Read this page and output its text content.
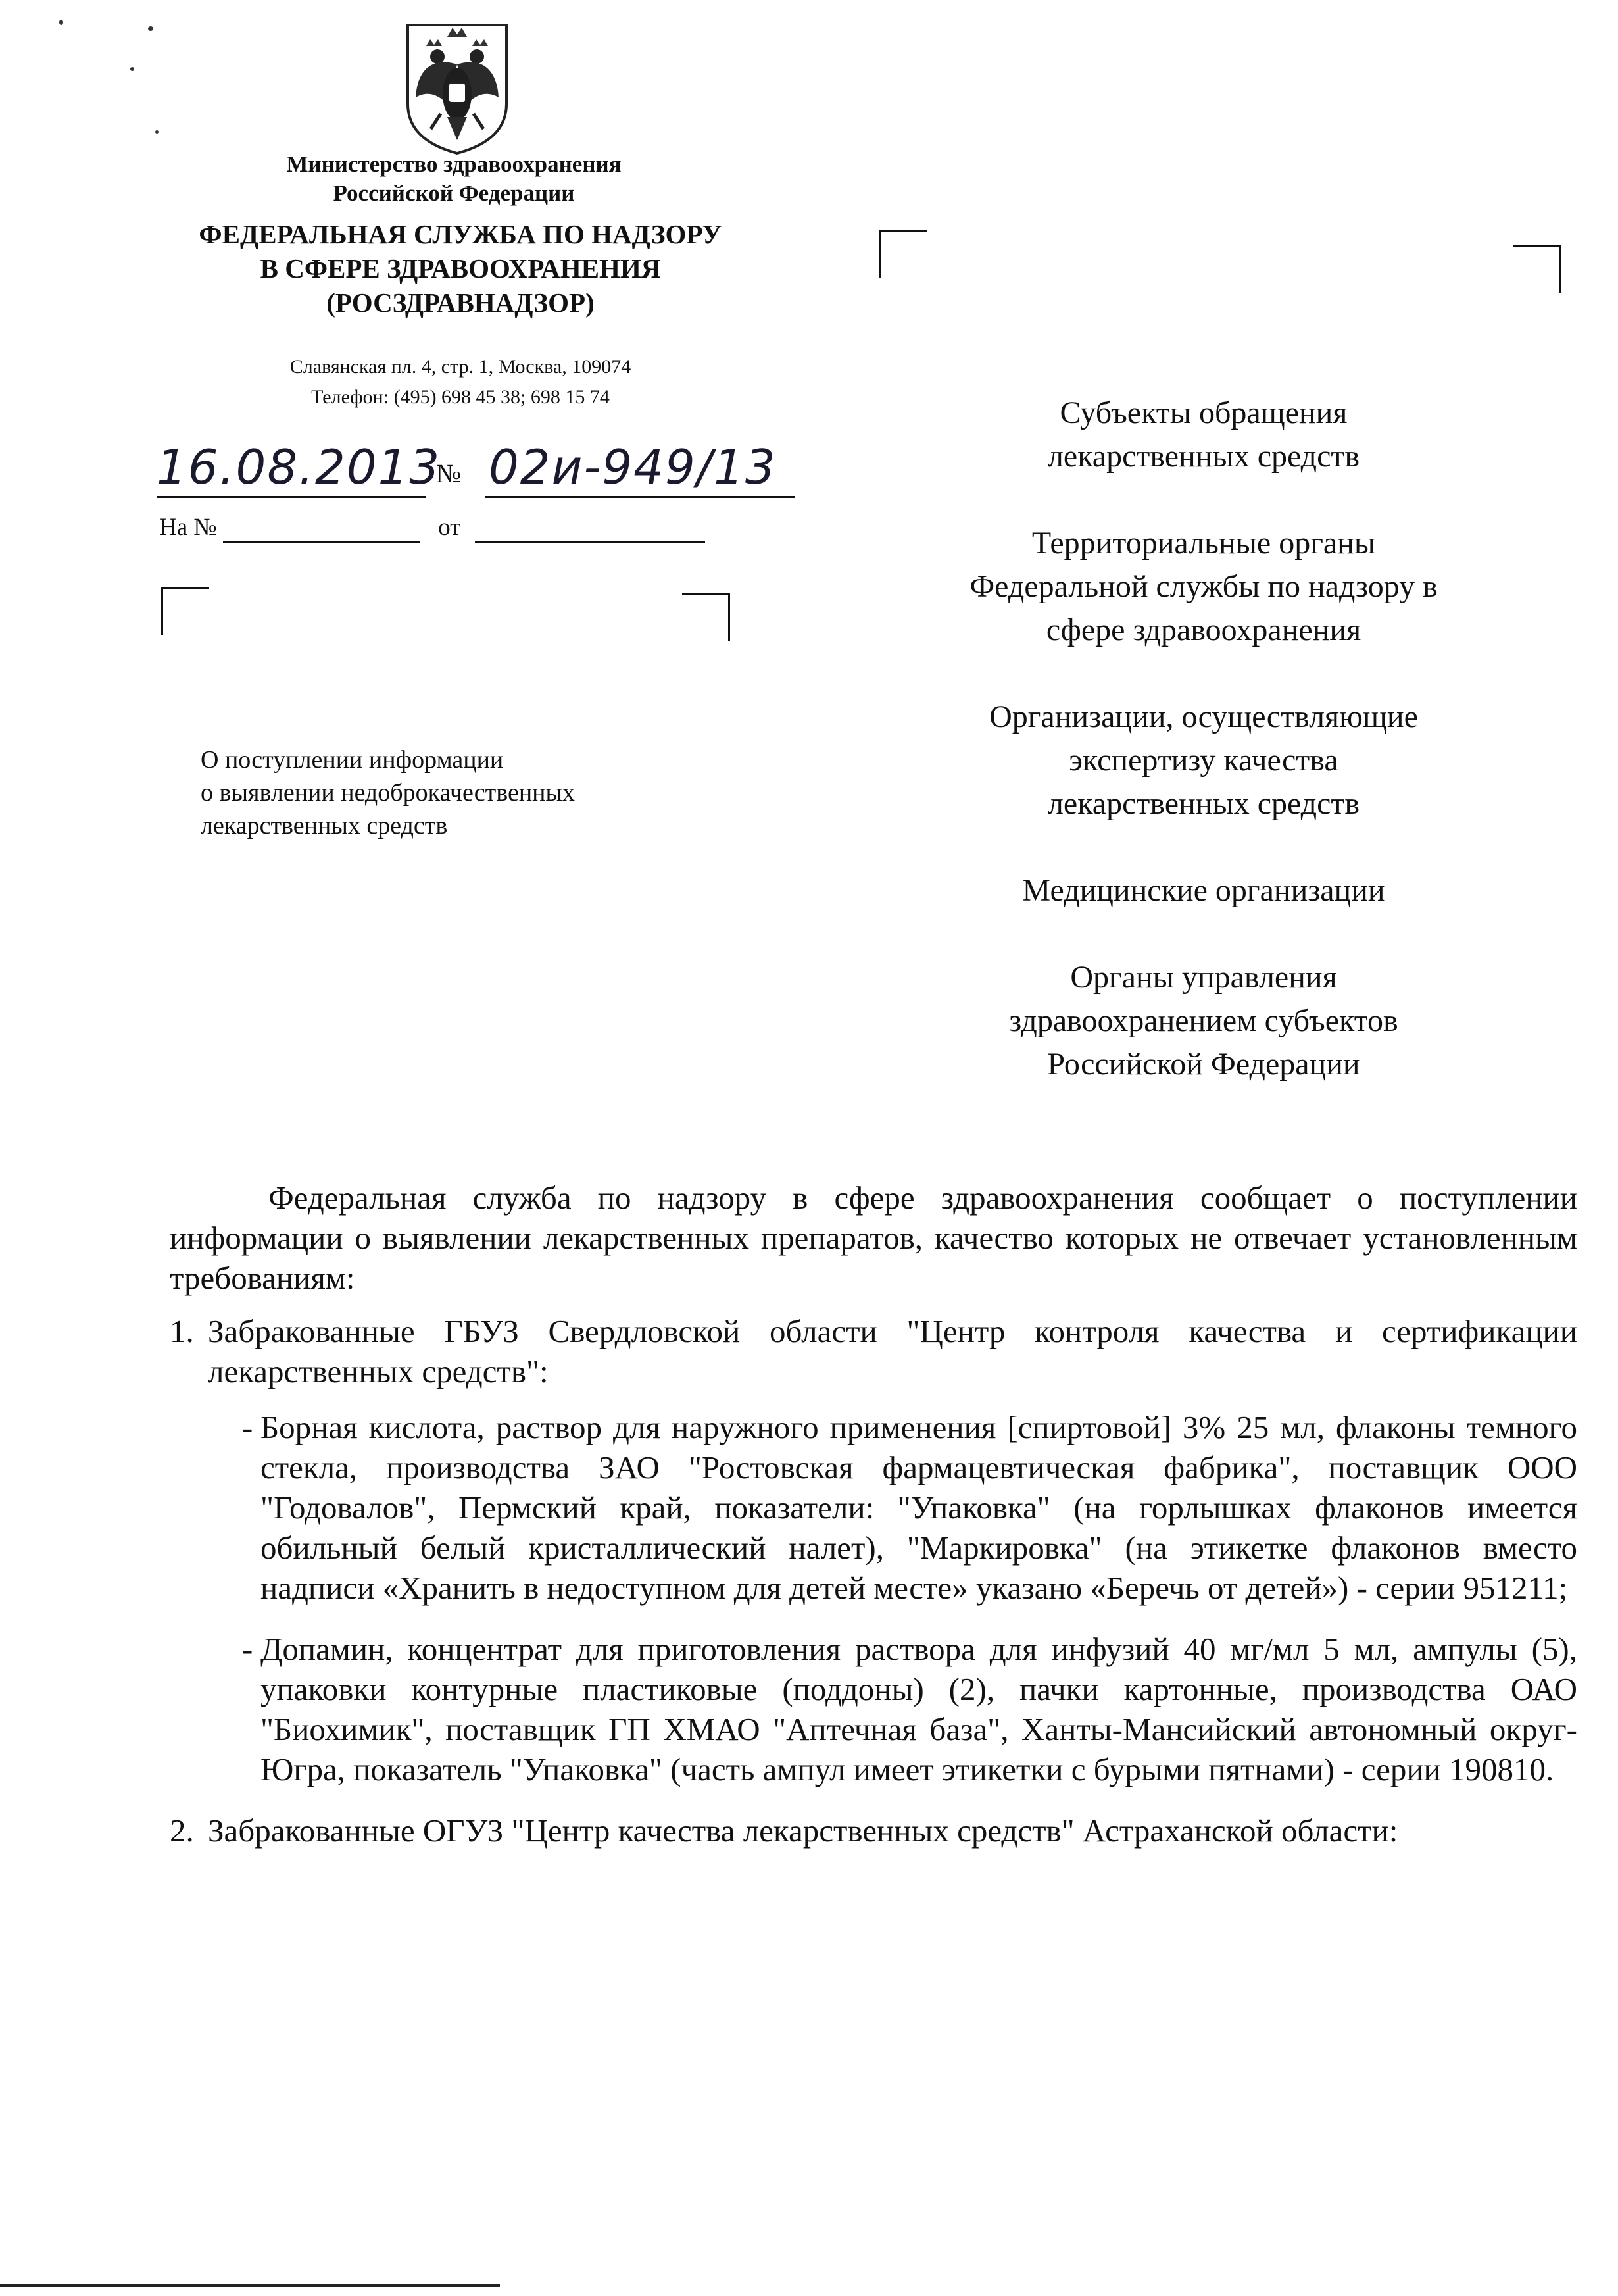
Министерство здравоохранения
Российской Федерации
ФЕДЕРАЛЬНАЯ СЛУЖБА ПО НАДЗОРУ
В СФЕРЕ ЗДРАВООХРАНЕНИЯ
(РОСЗДРАВНАДЗОР)
Славянская пл. 4, стр. 1, Москва, 109074
Телефон: (495) 698 45 38; 698 15 74
16.08.2013
№ 02и-949/13
На №	от
О поступлении информации
о выявлении недоброкачественных
лекарственных средств
Субъекты обращения
лекарственных средств
Территориальные органы
Федеральной службы по надзору в
сфере здравоохранения
Организации, осуществляющие
экспертизу качества
лекарственных средств
Медицинские организации
Органы управления
здравоохранением субъектов
Российской Федерации

Федеральная служба по надзору в сфере здравоохранения сообщает о поступлении информации о выявлении лекарственных препаратов, качество которых не отвечает установленным требованиям:

1. Забракованные ГБУЗ Свердловской области "Центр контроля качества и сертификации лекарственных средств":
- Борная кислота, раствор для наружного применения [спиртовой] 3% 25 мл, флаконы темного стекла, производства ЗАО "Ростовская фармацевтическая фабрика", поставщик ООО "Годовалов", Пермский край, показатели: "Упаковка" (на горлышках флаконов имеется обильный белый кристаллический налет), "Маркировка" (на этикетке флаконов вместо надписи «Хранить в недоступном для детей месте» указано «Беречь от детей») - серии 951211;
- Допамин, концентрат для приготовления раствора для инфузий 40 мг/мл 5 мл, ампулы (5), упаковки контурные пластиковые (поддоны) (2), пачки картонные, производства ОАО "Биохимик", поставщик ГП ХМАО "Аптечная база", Ханты-Мансийский автономный округ-Югра, показатель "Упаковка" (часть ампул имеет этикетки с бурыми пятнами) - серии 190810.
2. Забракованные ОГУЗ "Центр качества лекарственных средств" Астраханской области:
